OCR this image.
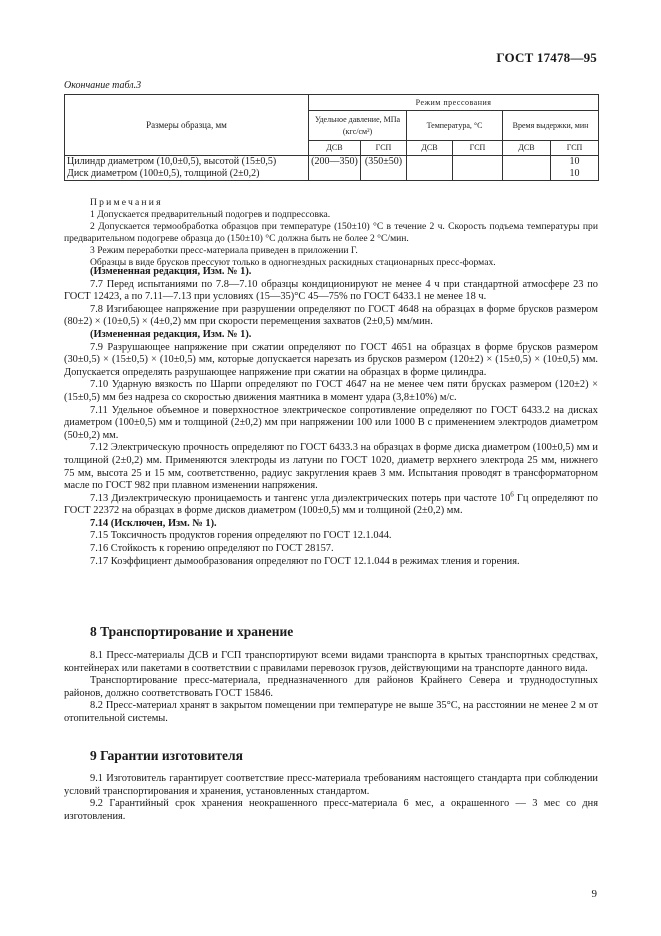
ГОСТ 17478—95
Окончание табл.3
Размеры образца, мм	Режим прессования					
	Удельное давление, МПа (кгс/см²)		Температура, °С		Время выдержки, мин	
	ДСВ	ГСП	ДСВ	ГСП	ДСВ	ГСП
Цилиндр диаметром (10,0±0,5), высотой (15±0,5)	(200—350)	(350±50)				10
Диск диаметром (100±0,5), толщиной (2±0,2)						10

Примечания

1 Допускается предварительный подогрев и подпрессовка.

2 Допускается термообработка образцов при температуре (150±10) °С в течение 2 ч. Скорость подъема температуры при предварительном подогреве образца до (150±10) °С должна быть не более 2 °С/мин.

3 Режим переработки пресс-материала приведен в приложении Г.

Образцы в виде брусков прессуют только в одногнездных раскидных стационарных пресс-формах.

(Измененная редакция, Изм. № 1).

7.7 Перед испытаниями по 7.8—7.10 образцы кондиционируют не менее 4 ч при стандартной атмосфере 23 по ГОСТ 12423, а по 7.11—7.13 при условиях (15—35)°С 45—75% по ГОСТ 6433.1 не менее 18 ч.

7.8 Изгибающее напряжение при разрушении определяют по ГОСТ 4648 на образцах в форме брусков размером (80±2) × (10±0,5) × (4±0,2) мм при скорости перемещения захватов (2±0,5) мм/мин.

(Измененная редакция, Изм. № 1).

7.9 Разрушающее напряжение при сжатии определяют по ГОСТ 4651 на образцах в форме брусков размером (30±0,5) × (15±0,5) × (10±0,5) мм, которые допускается нарезать из брусков размером (120±2) × (15±0,5) × (10±0,5) мм. Допускается определять разрушающее напряжение при сжатии на образцах в форме цилиндра.

7.10 Ударную вязкость по Шарпи определяют по ГОСТ 4647 на не менее чем пяти брусках размером (120±2) × (15±0,5) мм без надреза со скоростью движения маятника в момент удара (3,8±10%) м/с.

7.11 Удельное объемное и поверхностное электрическое сопротивление определяют по ГОСТ 6433.2 на дисках диаметром (100±0,5) мм и толщиной (2±0,2) мм при напряжении 100 или 1000 В с применением электродов диаметром (50±0,2) мм.

7.12 Электрическую прочность определяют по ГОСТ 6433.3 на образцах в форме диска диаметром (100±0,5) мм и толщиной (2±0,2) мм. Применяются электроды из латуни по ГОСТ 1020, диаметр верхнего электрода 25 мм, нижнего 75 мм, высота 25 и 15 мм, соответственно, радиус закругления краев 3 мм. Испытания проводят в трансформаторном масле по ГОСТ 982 при плавном изменении напряжения.

7.13 Диэлектрическую проницаемость и тангенс угла диэлектрических потерь при частоте $10^6$ Гц определяют по ГОСТ 22372 на образцах в форме дисков диаметром (100±0,5) мм и толщиной (2±0,2) мм.

7.14 (Исключен, Изм. № 1).

7.15 Токсичность продуктов горения определяют по ГОСТ 12.1.044.

7.16 Стойкость к горению определяют по ГОСТ 28157.

7.17 Коэффициент дымообразования определяют по ГОСТ 12.1.044 в режимах тления и горения.

8 Транспортирование и хранение

8.1 Пресс-материалы ДСВ и ГСП транспортируют всеми видами транспорта в крытых транспортных средствах, контейнерах или пакетами в соответствии с правилами перевозок грузов, действующими на транспорте данного вида.

Транспортирование пресс-материала, предназначенного для районов Крайнего Севера и труднодоступных районов, должно соответствовать ГОСТ 15846.

8.2 Пресс-материал хранят в закрытом помещении при температуре не выше 35°С, на расстоянии не менее 2 м от отопительной системы.

9 Гарантии изготовителя

9.1 Изготовитель гарантирует соответствие пресс-материала требованиям настоящего стандарта при соблюдении условий транспортирования и хранения, установленных стандартом.

9.2 Гарантийный срок хранения неокрашенного пресс-материала 6 мес, а окрашенного — 3 мес со дня изготовления.

9
